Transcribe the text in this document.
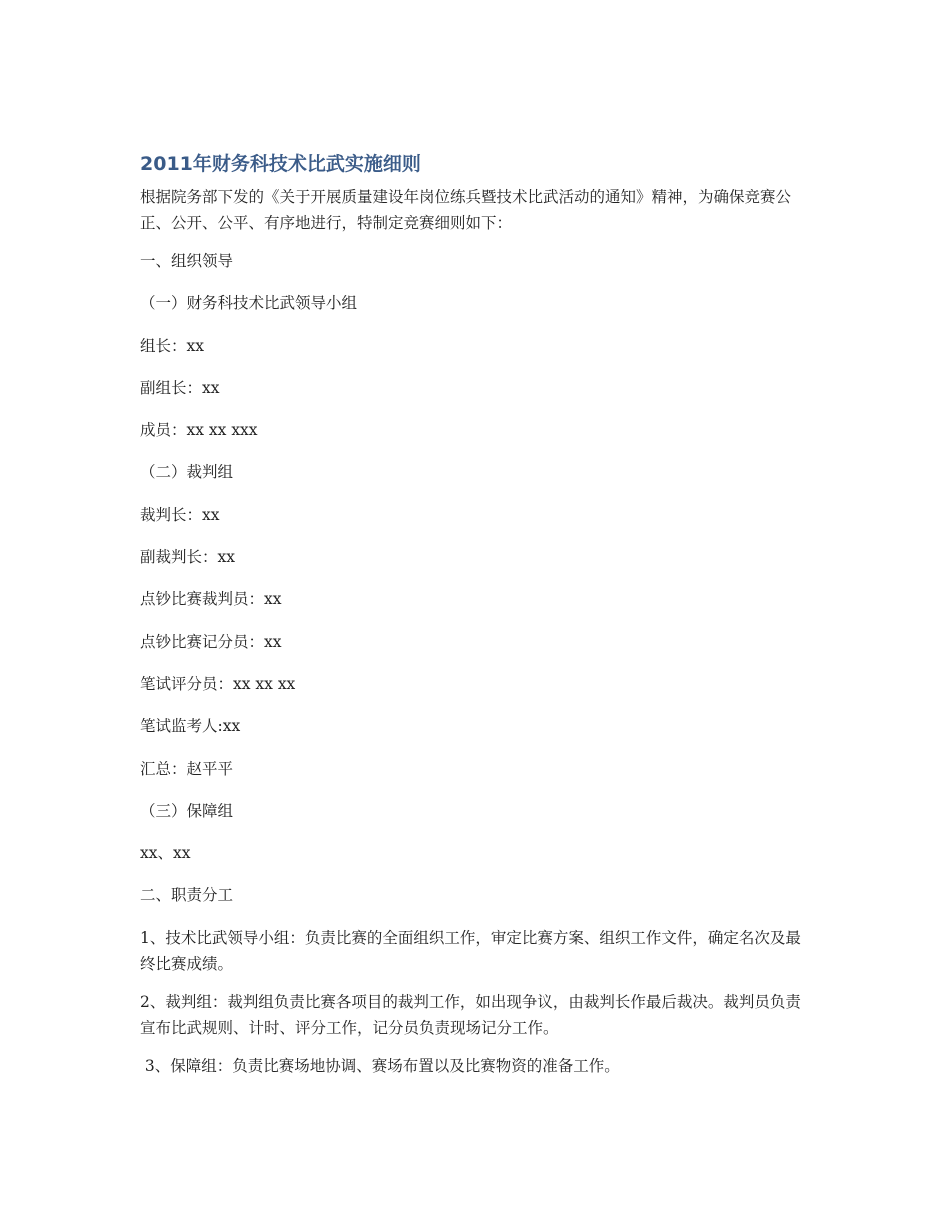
2011年财务科技术比武实施细则
根据院务部下发的《关于开展质量建设年岗位练兵暨技术比武活动的通知》精神，为确保竞赛公正、公开、公平、有序地进行，特制定竞赛细则如下：
一、组织领导
（一）财务科技术比武领导小组
组长：xx
副组长：xx
成员：xx xx xxx
（二）裁判组
裁判长：xx
副裁判长：xx
点钞比赛裁判员：xx
点钞比赛记分员：xx
笔试评分员：xx xx xx
笔试监考人:xx
汇总：赵平平
（三）保障组
xx、xx
二、职责分工
1、技术比武领导小组：负责比赛的全面组织工作，审定比赛方案、组织工作文件，确定名次及最终比赛成绩。
2、裁判组：裁判组负责比赛各项目的裁判工作，如出现争议，由裁判长作最后裁决。裁判员负责宣布比武规则、计时、评分工作，记分员负责现场记分工作。
3、保障组：负责比赛场地协调、赛场布置以及比赛物资的准备工作。
